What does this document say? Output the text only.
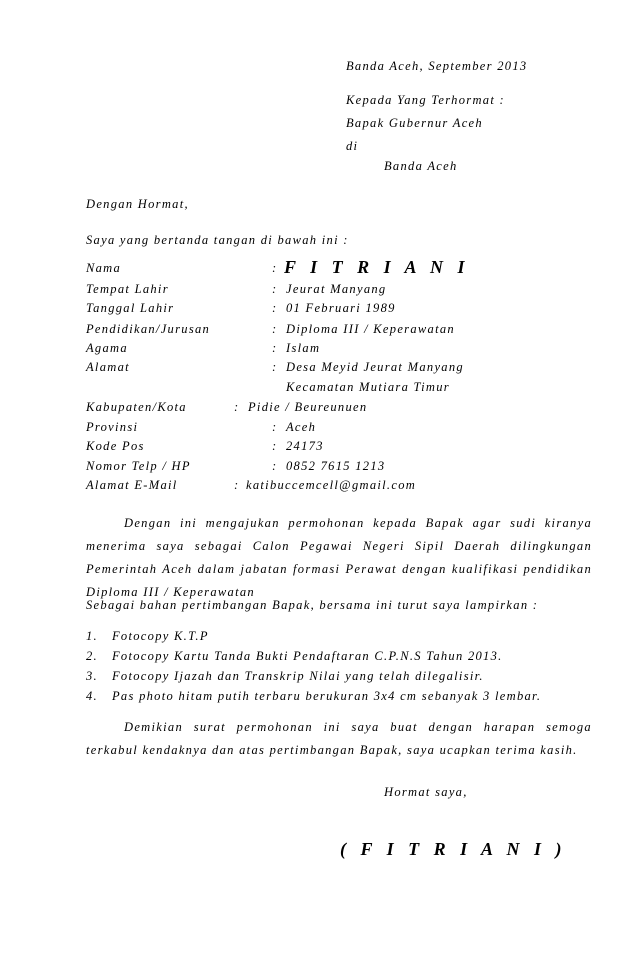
Banda Aceh, September 2013
Kepada Yang Terhormat :
Bapak Gubernur Aceh
di
Banda Aceh
Dengan Hormat,
Saya yang bertanda tangan di bawah ini :
Nama	: F I T R I A N I
Tempat Lahir	: Jeurat Manyang
Tanggal Lahir	: 01 Februari 1989
Pendidikan/Jurusan	: Diploma III / Keperawatan
Agama	: Islam
Alamat	: Desa Meyid Jeurat Manyang
Kecamatan Mutiara Timur
Kabupaten/Kota	: Pidie / Beureunuen
Provinsi	: Aceh
Kode Pos	: 24173
Nomor Telp / HP	: 0852 7615 1213
Alamat E-Mail	: katibuccemcell@gmail.com
Dengan ini mengajukan permohonan kepada Bapak agar sudi kiranya menerima saya sebagai Calon Pegawai Negeri Sipil Daerah dilingkungan Pemerintah Aceh dalam jabatan formasi Perawat dengan kualifikasi pendidikan Diploma III / Keperawatan
Sebagai bahan pertimbangan Bapak, bersama ini turut saya lampirkan :
1. Fotocopy K.T.P
2. Fotocopy Kartu Tanda Bukti Pendaftaran C.P.N.S Tahun 2013.
3. Fotocopy Ijazah dan Transkrip Nilai yang telah dilegalisir.
4. Pas photo hitam putih terbaru berukuran 3x4 cm sebanyak 3 lembar.
Demikian surat permohonan ini saya buat dengan harapan semoga terkabul kendaknya dan atas pertimbangan Bapak, saya ucapkan terima kasih.
Hormat saya,
( F I T R I A N I )
